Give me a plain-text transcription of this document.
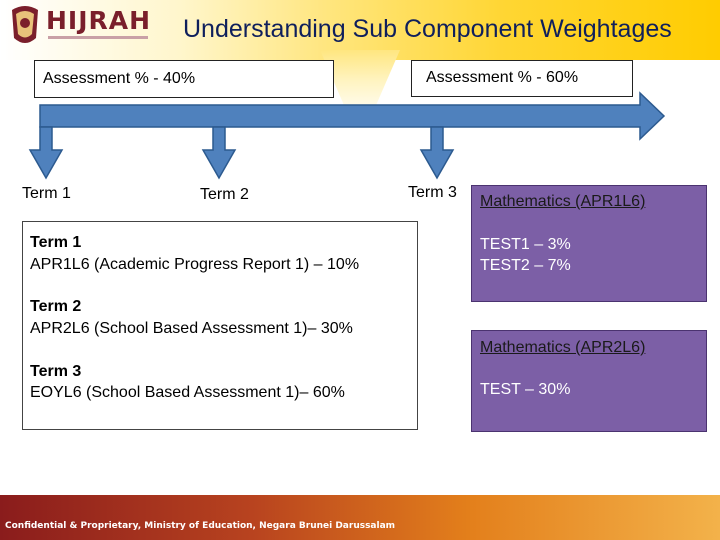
HIJRAH Understanding Sub Component Weightages
Assessment % - 40%	Assessment % - 60%
Term 1	Term 2	Term 3

Term 1

APR1L6 (Academic Progress Report 1) – 10%

Term 2

APR2L6 (School Based Assessment 1)– 30%

Term 3

EOYL6 (School Based Assessment 1)– 60%

Mathematics (APR1L6)
TEST1 – 3%
TEST2 – 7%
Mathematics (APR2L6)
TEST – 30%
Confidential & Proprietary, Ministry of Education, Negara Brunei Darussalam
